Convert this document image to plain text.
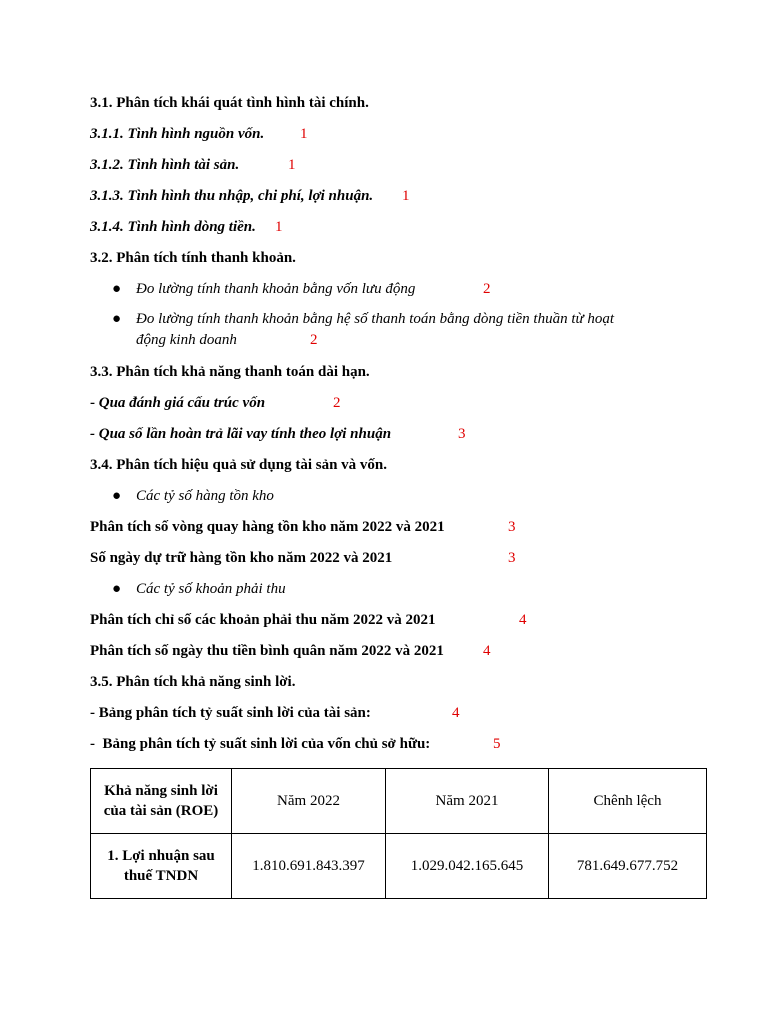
3.1. Phân tích khái quát tình hình tài chính.
3.1.1. Tình hình nguồn vốn. 1
3.1.2. Tình hình tài sản.	1
3.1.3. Tình hình thu nhập, chi phí, lợi nhuận. 1
3.1.4. Tình hình dòng tiền. 1
3.2. Phân tích tính thanh khoản.
● Đo lường tính thanh khoản bằng vốn lưu động	2
● Đo lường tính thanh khoản bằng hệ số thanh toán bằng dòng tiền thuần từ hoạt
động kinh doanh	2
3.3. Phân tích khả năng thanh toán dài hạn.
- Qua đánh giá cấu trúc vốn	2
- Qua số lần hoàn trả lãi vay tính theo lợi nhuận	3
3.4. Phân tích hiệu quả sử dụng tài sản và vốn.
● Các tỷ số hàng tồn kho
Phân tích số vòng quay hàng tồn kho năm 2022 và 2021	3
Số ngày dự trữ hàng tồn kho năm 2022 và 2021	3
● Các tỷ số khoản phải thu
Phân tích chỉ số các khoản phải thu năm 2022 và 2021	4
Phân tích số ngày thu tiền bình quân năm 2022 và 2021	4
3.5. Phân tích khả năng sinh lời.
- Bảng phân tích tỷ suất sinh lời của tài sản:	4
- Bảng phân tích tỷ suất sinh lời của vốn chủ sở hữu:	5
Khả năng sinh lời của tài sản (ROE)	Năm 2022	Năm 2021	Chênh lệch
1. Lợi nhuận sau thuế TNDN	1.810.691.843.397	1.029.042.165.645	781.649.677.752
